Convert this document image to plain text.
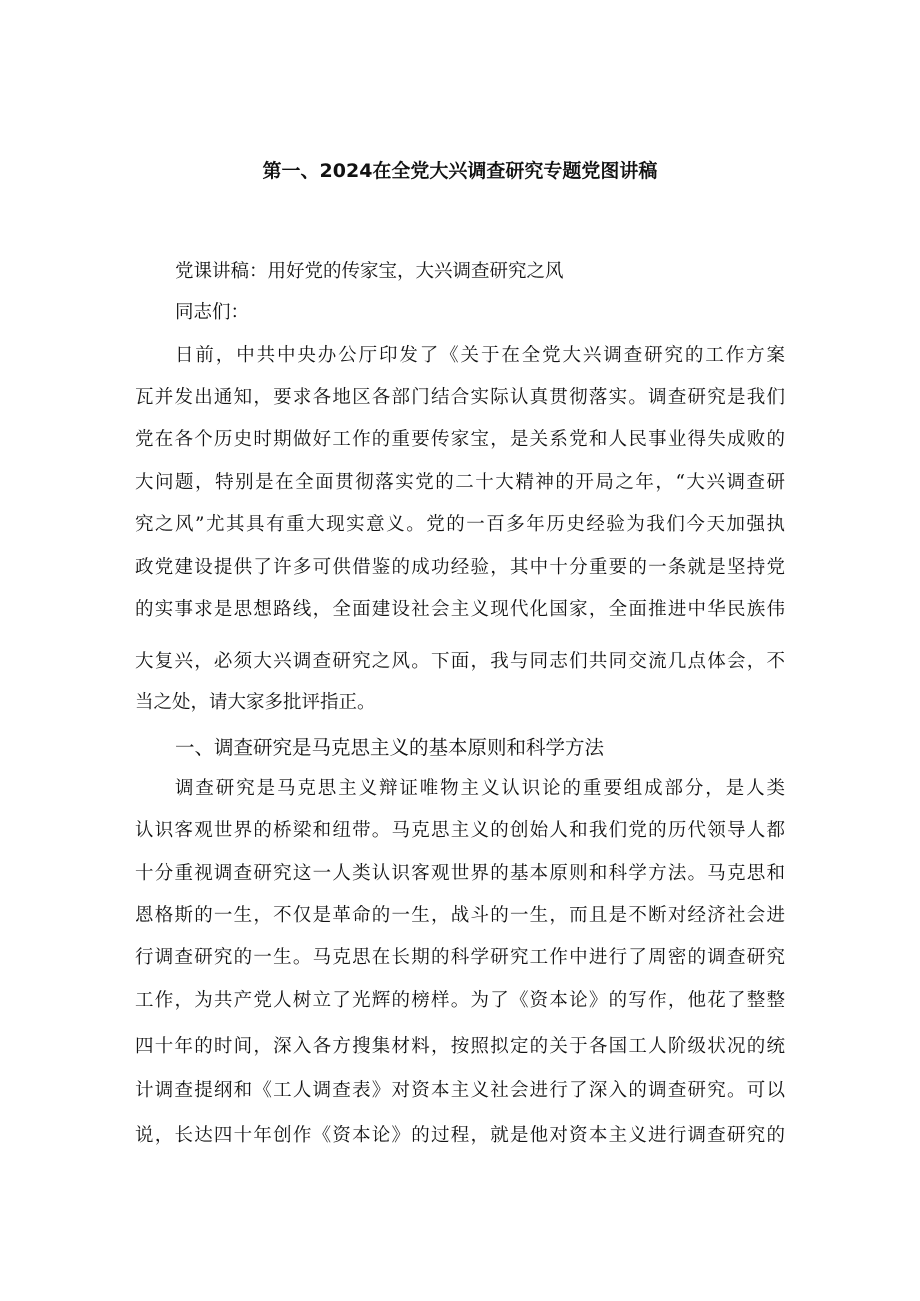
第一、2024在全党大兴调查研究专题党图讲稿
党课讲稿：用好党的传家宝，大兴调查研究之风
同志们：
日前，中共中央办公厅印发了《关于在全党大兴调查研究的工作方案
瓦并发出通知，要求各地区各部门结合实际认真贯彻落实。调查研究是我们
党在各个历史时期做好工作的重要传家宝，是关系党和人民事业得失成败的
大问题，特别是在全面贯彻落实党的二十大精神的开局之年，“大兴调查研
究之风”尤其具有重大现实意义。党的一百多年历史经验为我们今天加强执
政党建设提供了许多可供借鉴的成功经验，其中十分重要的一条就是坚持党
的实事求是思想路线，全面建设社会主义现代化国家，全面推进中华民族伟
大复兴，必须大兴调查研究之风。下面，我与同志们共同交流几点体会，不
当之处，请大家多批评指正。
一、调查研究是马克思主义的基本原则和科学方法
调查研究是马克思主义辩证唯物主义认识论的重要组成部分，是人类
认识客观世界的桥梁和纽带。马克思主义的创始人和我们党的历代领导人都
十分重视调查研究这一人类认识客观世界的基本原则和科学方法。马克思和
恩格斯的一生，不仅是革命的一生，战斗的一生，而且是不断对经济社会进
行调查研究的一生。马克思在长期的科学研究工作中进行了周密的调查研究
工作，为共产党人树立了光辉的榜样。为了《资本论》的写作，他花了整整
四十年的时间，深入各方搜集材料，按照拟定的关于各国工人阶级状况的统
计调查提纲和《工人调查表》对资本主义社会进行了深入的调查研究。可以
说，长达四十年创作《资本论》的过程，就是他对资本主义进行调查研究的
